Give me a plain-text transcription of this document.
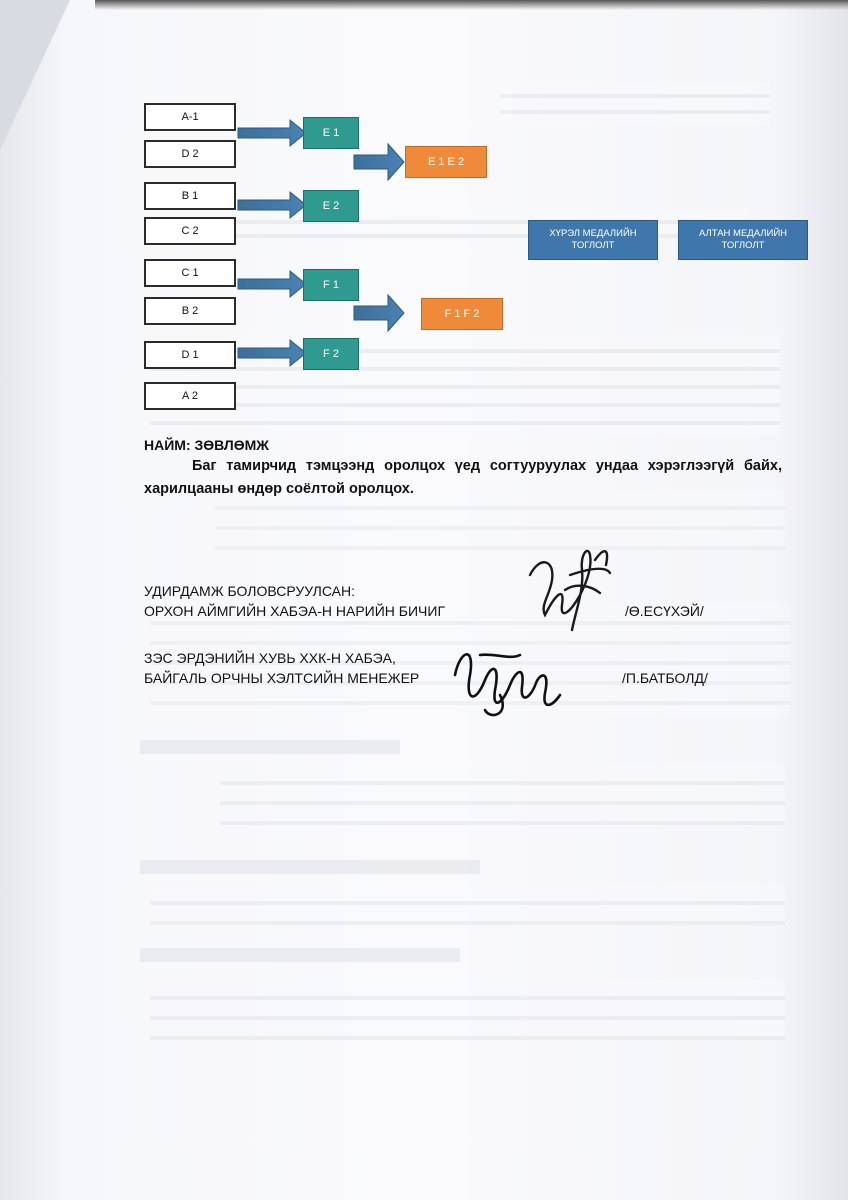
А-1
D 2
B 1
C 2
C 1
B 2
D 1
A 2
E 1
E 2
F 1
F 2
E 1 E 2
F 1 F 2
ХҮРЭЛ МЕДАЛИЙН ТОГЛОЛТ
АЛТАН МЕДАЛИЙН ТОГЛОЛТ
НАЙМ: ЗӨВЛӨМЖ
Баг тамирчид тэмцээнд оролцох үед согтууруулах ундаа хэрэглээгүй байх, харилцааны өндөр соёлтой оролцох.
УДИРДАМЖ БОЛОВСРУУЛСАН:
ОРХОН АЙМГИЙН ХАБЭА-Н НАРИЙН БИЧИГ	/Ө.ЕСҮХЭЙ/
ЗЭС ЭРДЭНИЙН ХУВЬ ХХК-Н ХАБЭА,
БАЙГАЛЬ ОРЧНЫ ХЭЛТСИЙН МЕНЕЖЕР	/П.БАТБОЛД/
